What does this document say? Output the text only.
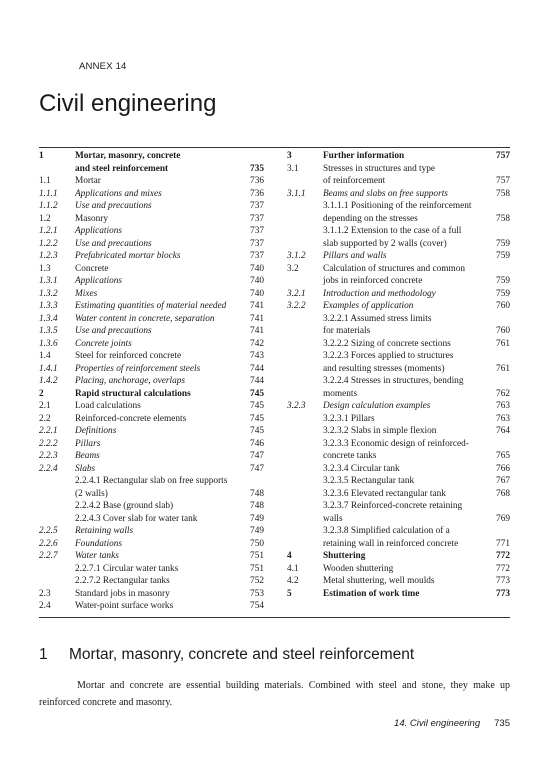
ANNEX 14
Civil engineering
1	Mortar, masonry, concrete
and steel reinforcement	735
1.1	Mortar	736
1.1.1	Applications and mixes	736
1.1.2	Use and precautions	737
1.2	Masonry	737
1.2.1	Applications	737
1.2.2	Use and precautions	737
1.2.3	Prefabricated mortar blocks	737
1.3	Concrete	740
1.3.1	Applications	740
1.3.2	Mixes	740
1.3.3	Estimating quantities of material needed	741
1.3.4	Water content in concrete, separation	741
1.3.5	Use and precautions	741
1.3.6	Concrete joints	742
1.4	Steel for reinforced concrete	743
1.4.1	Properties of reinforcement steels	744
1.4.2	Placing, anchorage, overlaps	744
2	Rapid structural calculations	745
2.1	Load calculations	745
2.2	Reinforced-concrete elements	745
2.2.1	Definitions	745
2.2.2	Pillars	746
2.2.3	Beams	747
2.2.4	Slabs	747
2.2.4.1 Rectangular slab on free supports
(2 walls)	748
2.2.4.2 Base (ground slab)	748
2.2.4.3 Cover slab for water tank	749
2.2.5	Retaining walls	749
2.2.6	Foundations	750
2.2.7	Water tanks	751
2.2.7.1 Circular water tanks	751
2.2.7.2 Rectangular tanks	752
2.3	Standard jobs in masonry	753
2.4	Water-point surface works	754
3	Further information	757
3.1	Stresses in structures and type
of reinforcement	757
3.1.1	Beams and slabs on free supports	758
3.1.1.1 Positioning of the reinforcement
depending on the stresses	758
3.1.1.2 Extension to the case of a full
slab supported by 2 walls (cover)	759
3.1.2	Pillars and walls	759
3.2	Calculation of structures and common
jobs in reinforced concrete	759
3.2.1	Introduction and methodology	759
3.2.2	Examples of application	760
3.2.2.1 Assumed stress limits
for materials	760
3.2.2.2 Sizing of concrete sections	761
3.2.2.3 Forces applied to structures
and resulting stresses (moments)	761
3.2.2.4 Stresses in structures, bending
moments	762
3.2.3	Design calculation examples	763
3.2.3.1 Pillars	763
3.2.3.2 Slabs in simple flexion	764
3.2.3.3 Economic design of reinforced-
concrete tanks	765
3.2.3.4 Circular tank	766
3.2.3.5 Rectangular tank	767
3.2.3.6 Elevated rectangular tank	768
3.2.3.7 Reinforced-concrete retaining
walls	769
3.2.3.8 Simplified calculation of a
retaining wall in reinforced concrete	771
4	Shuttering	772
4.1	Wooden shuttering	772
4.2	Metal shuttering, well moulds	773
5	Estimation of work time	773
1 Mortar, masonry, concrete and steel reinforcement

Mortar and concrete are essential building materials. Combined with steel and stone, they make up reinforced concrete and masonry.

14. Civil engineering 735
